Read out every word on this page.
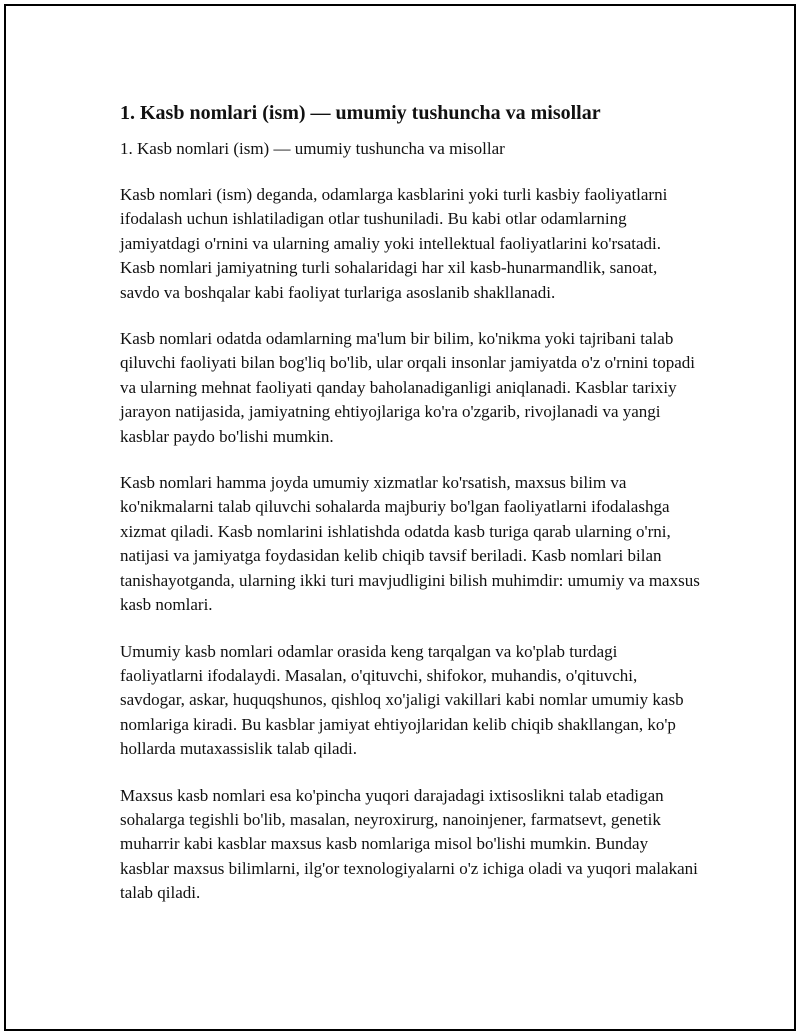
1. Kasb nomlari (ism) — umumiy tushuncha va misollar

1. Kasb nomlari (ism) — umumiy tushuncha va misollar

Kasb nomlari (ism) deganda, odamlarga kasblarini yoki turli kasbiy faoliyatlarni ifodalash uchun ishlatiladigan otlar tushuniladi. Bu kabi otlar odamlarning jamiyatdagi o'rnini va ularning amaliy yoki intellektual faoliyatlarini ko'rsatadi. Kasb nomlari jamiyatning turli sohalaridagi har xil kasb-hunarmandlik, sanoat, savdo va boshqalar kabi faoliyat turlariga asoslanib shakllanadi.

Kasb nomlari odatda odamlarning ma'lum bir bilim, ko'nikma yoki tajribani talab qiluvchi faoliyati bilan bog'liq bo'lib, ular orqali insonlar jamiyatda o'z o'rnini topadi va ularning mehnat faoliyati qanday baholanadiganligi aniqlanadi. Kasblar tarixiy jarayon natijasida, jamiyatning ehtiyojlariga ko'ra o'zgarib, rivojlanadi va yangi kasblar paydo bo'lishi mumkin.

Kasb nomlari hamma joyda umumiy xizmatlar ko'rsatish, maxsus bilim va ko'nikmalarni talab qiluvchi sohalarda majburiy bo'lgan faoliyatlarni ifodalashga xizmat qiladi. Kasb nomlarini ishlatishda odatda kasb turiga qarab ularning o'rni, natijasi va jamiyatga foydasidan kelib chiqib tavsif beriladi. Kasb nomlari bilan tanishayotganda, ularning ikki turi mavjudligini bilish muhimdir: umumiy va maxsus kasb nomlari.

Umumiy kasb nomlari odamlar orasida keng tarqalgan va ko'plab turdagi faoliyatlarni ifodalaydi. Masalan, o'qituvchi, shifokor, muhandis, o'qituvchi, savdogar, askar, huquqshunos, qishloq xo'jaligi vakillari kabi nomlar umumiy kasb nomlariga kiradi. Bu kasblar jamiyat ehtiyojlaridan kelib chiqib shakllangan, ko'p hollarda mutaxassislik talab qiladi.

Maxsus kasb nomlari esa ko'pincha yuqori darajadagi ixtisoslikni talab etadigan sohalarga tegishli bo'lib, masalan, neyroxirurg, nanoinjener, farmatsevt, genetik muharrir kabi kasblar maxsus kasb nomlariga misol bo'lishi mumkin. Bunday kasblar maxsus bilimlarni, ilg'or texnologiyalarni o'z ichiga oladi va yuqori malakani talab qiladi.
